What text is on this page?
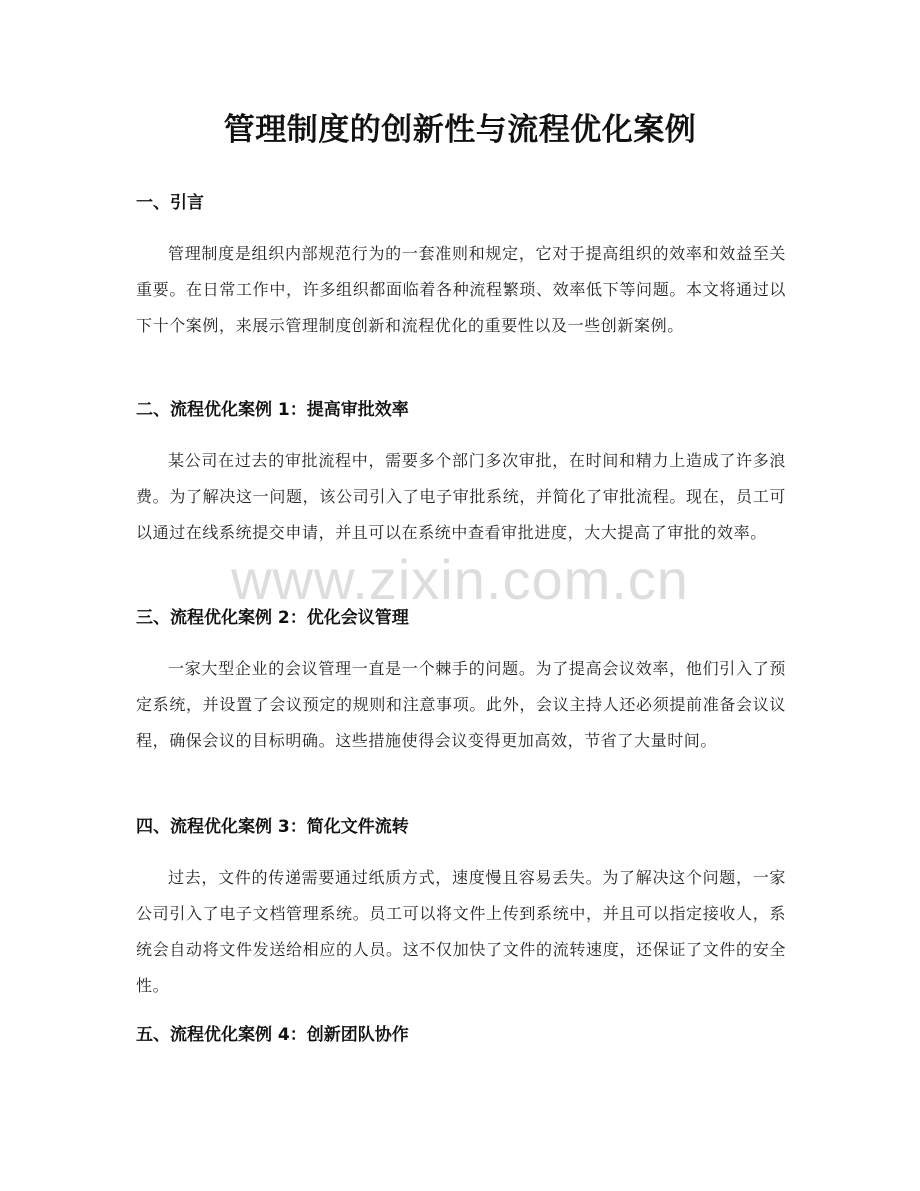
管理制度的创新性与流程优化案例
一、引言
管理制度是组织内部规范行为的一套准则和规定，它对于提高组织的效率和效益至关重要。在日常工作中，许多组织都面临着各种流程繁琐、效率低下等问题。本文将通过以下十个案例，来展示管理制度创新和流程优化的重要性以及一些创新案例。
二、流程优化案例 1：提高审批效率
某公司在过去的审批流程中，需要多个部门多次审批，在时间和精力上造成了许多浪费。为了解决这一问题，该公司引入了电子审批系统，并简化了审批流程。现在，员工可以通过在线系统提交申请，并且可以在系统中查看审批进度，大大提高了审批的效率。
三、流程优化案例 2：优化会议管理
一家大型企业的会议管理一直是一个棘手的问题。为了提高会议效率，他们引入了预定系统，并设置了会议预定的规则和注意事项。此外，会议主持人还必须提前准备会议议程，确保会议的目标明确。这些措施使得会议变得更加高效，节省了大量时间。
四、流程优化案例 3：简化文件流转
过去，文件的传递需要通过纸质方式，速度慢且容易丢失。为了解决这个问题，一家公司引入了电子文档管理系统。员工可以将文件上传到系统中，并且可以指定接收人，系统会自动将文件发送给相应的人员。这不仅加快了文件的流转速度，还保证了文件的安全性。
五、流程优化案例 4：创新团队协作
www.zixin.com.cn
